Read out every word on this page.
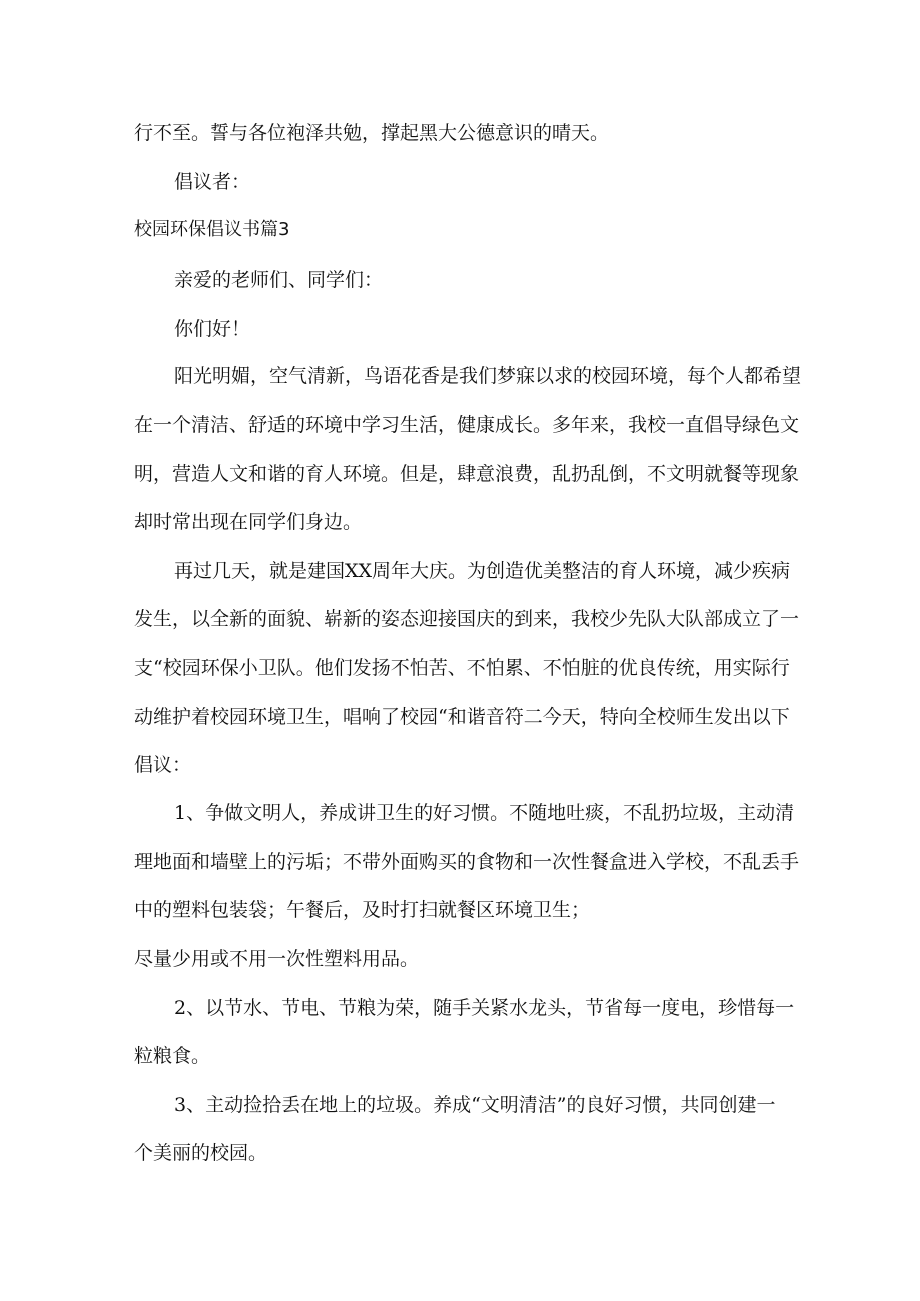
行不至。誓与各位袍泽共勉，撑起黑大公德意识的晴天。

倡议者：

校园环保倡议书篇3

亲爱的老师们、同学们：

你们好！

阳光明媚，空气清新，鸟语花香是我们梦寐以求的校园环境，每个人都希望

在一个清洁、舒适的环境中学习生活，健康成长。多年来，我校一直倡导绿色文

明，营造人文和谐的育人环境。但是，肆意浪费，乱扔乱倒，不文明就餐等现象

却时常出现在同学们身边。

再过几天，就是建国XX周年大庆。为创造优美整洁的育人环境，减少疾病

发生，以全新的面貌、崭新的姿态迎接国庆的到来，我校少先队大队部成立了一

支“校园环保小卫队。他们发扬不怕苦、不怕累、不怕脏的优良传统，用实际行

动维护着校园环境卫生，唱响了校园“和谐音符二今天，特向全校师生发出以下

倡议：

1、争做文明人，养成讲卫生的好习惯。不随地吐痰，不乱扔垃圾，主动清

理地面和墙壁上的污垢；不带外面购买的食物和一次性餐盒进入学校，不乱丢手

中的塑料包装袋；午餐后，及时打扫就餐区环境卫生；

尽量少用或不用一次性塑料用品。

2、以节水、节电、节粮为荣，随手关紧水龙头，节省每一度电，珍惜每一

粒粮食。

3、主动捡拾丢在地上的垃圾。养成“文明清洁”的良好习惯，共同创建一

个美丽的校园。
